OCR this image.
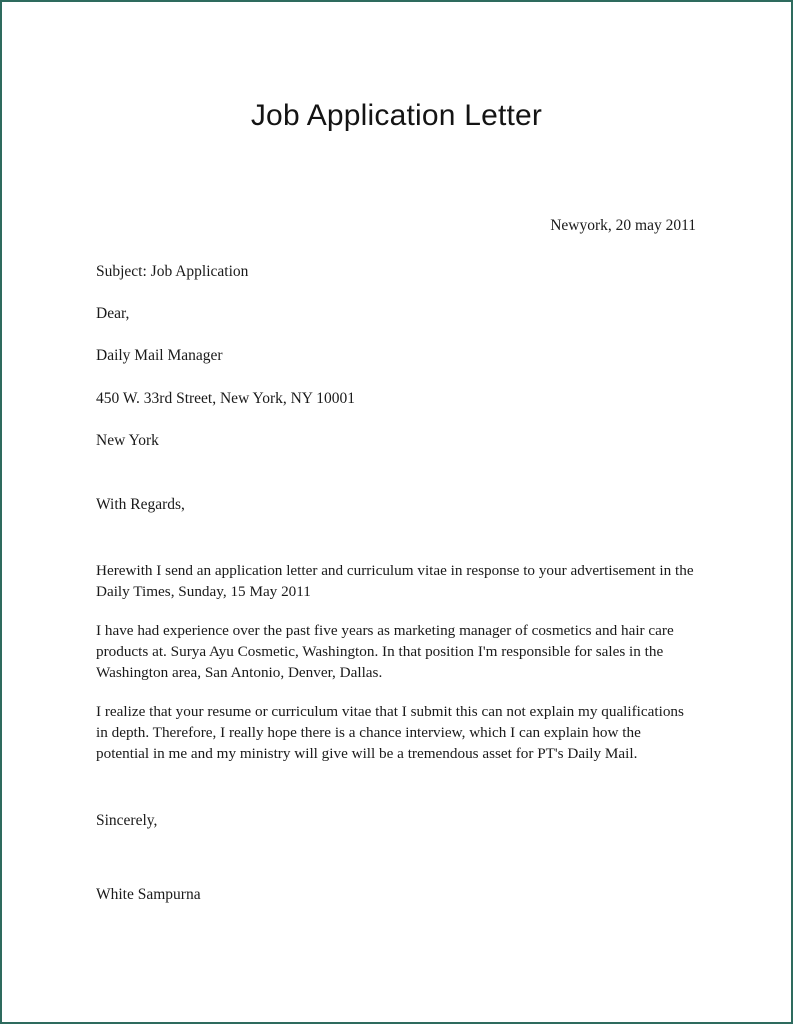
Job Application Letter
Newyork, 20 may 2011
Subject: Job Application
Dear,
Daily Mail Manager
450 W. 33rd Street, New York, NY 10001
New York
With Regards,

Herewith I send an application letter and curriculum vitae in response to your advertisement in the Daily Times, Sunday, 15 May 2011

I have had experience over the past five years as marketing manager of cosmetics and hair care products at. Surya Ayu Cosmetic, Washington. In that position I'm responsible for sales in the Washington area, San Antonio, Denver, Dallas.

I realize that your resume or curriculum vitae that I submit this can not explain my qualifications in depth. Therefore, I really hope there is a chance interview, which I can explain how the potential in me and my ministry will give will be a tremendous asset for PT's Daily Mail.

Sincerely,
White Sampurna
